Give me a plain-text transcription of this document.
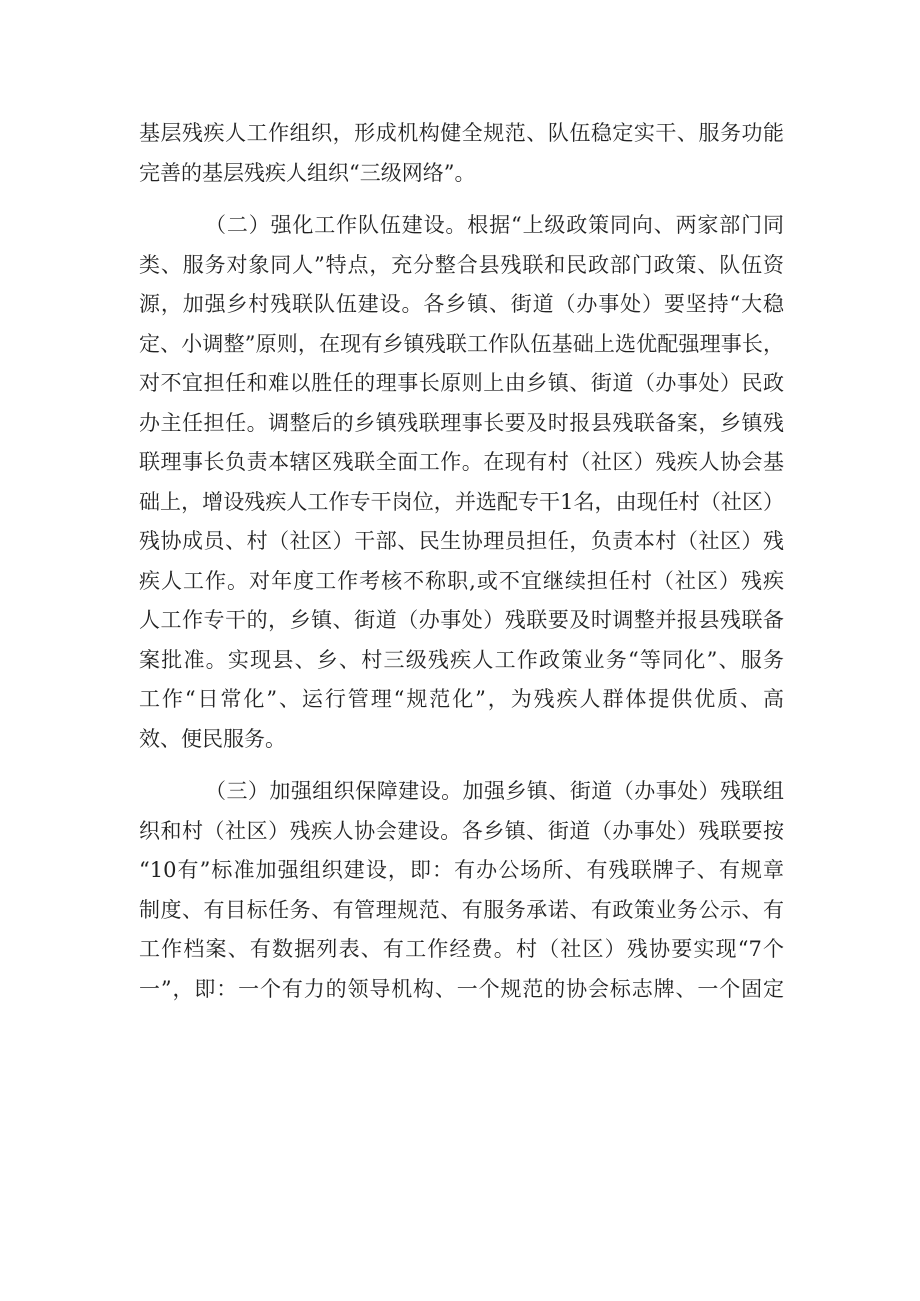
基层残疾人工作组织，形成机构健全规范、队伍稳定实干、服务功能
完善的基层残疾人组织“三级网络”。
（二）强化工作队伍建设。根据“上级政策同向、两家部门同
类、服务对象同人”特点，充分整合县残联和民政部门政策、队伍资
源，加强乡村残联队伍建设。各乡镇、街道（办事处）要坚持“大稳
定、小调整”原则，在现有乡镇残联工作队伍基础上选优配强理事长，
对不宜担任和难以胜任的理事长原则上由乡镇、街道（办事处）民政
办主任担任。调整后的乡镇残联理事长要及时报县残联备案，乡镇残
联理事长负责本辖区残联全面工作。在现有村（社区）残疾人协会基
础上，增设残疾人工作专干岗位，并选配专干1名，由现任村（社区）
残协成员、村（社区）干部、民生协理员担任，负责本村（社区）残
疾人工作。对年度工作考核不称职,或不宜继续担任村（社区）残疾
人工作专干的，乡镇、街道（办事处）残联要及时调整并报县残联备
案批准。实现县、乡、村三级残疾人工作政策业务“等同化”、服务
工作“日常化”、运行管理“规范化”，为残疾人群体提供优质、高
效、便民服务。
（三）加强组织保障建设。加强乡镇、街道（办事处）残联组
织和村（社区）残疾人协会建设。各乡镇、街道（办事处）残联要按
“10有”标准加强组织建设，即：有办公场所、有残联牌子、有规章
制度、有目标任务、有管理规范、有服务承诺、有政策业务公示、有
工作档案、有数据列表、有工作经费。村（社区）残协要实现“7个
一”，即：一个有力的领导机构、一个规范的协会标志牌、一个固定
